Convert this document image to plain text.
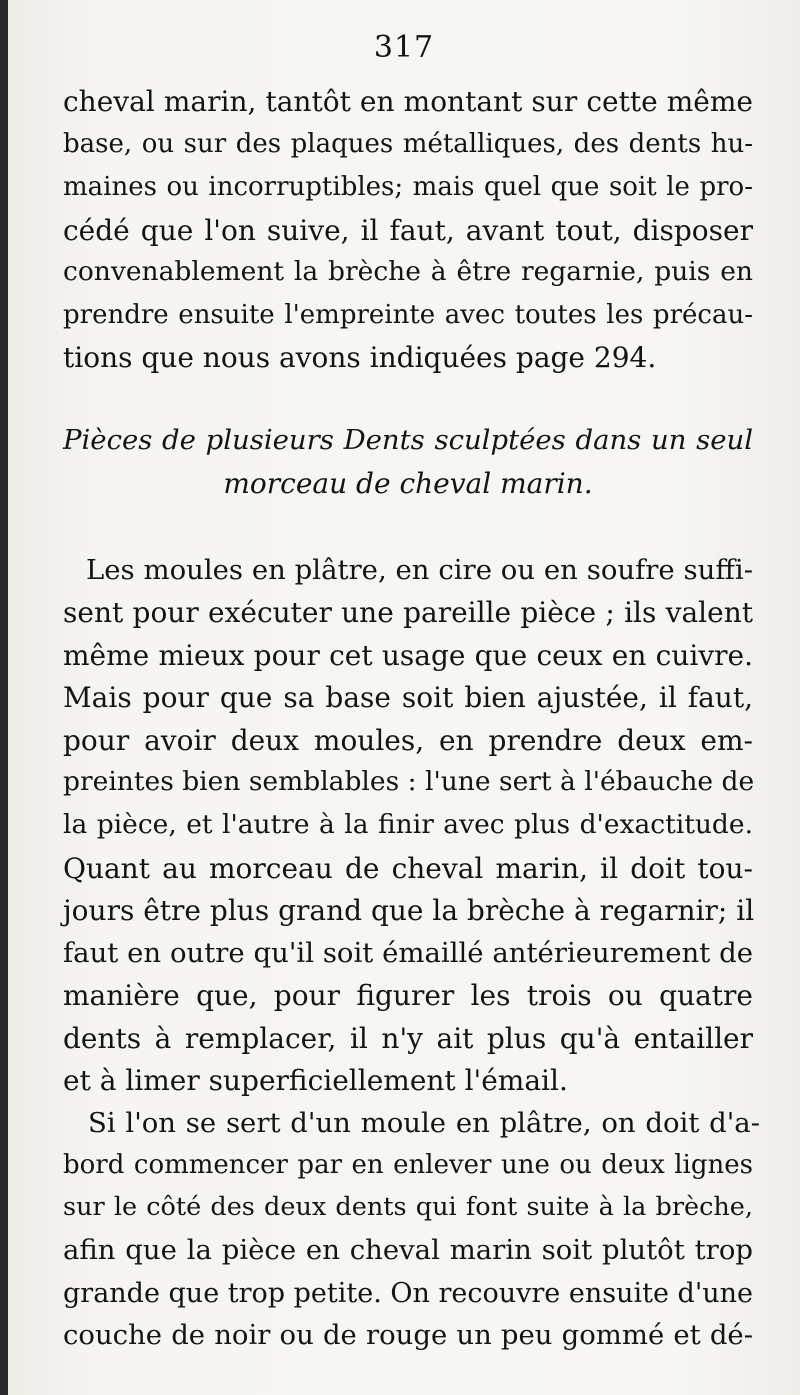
317

cheval marin, tantôt en montant sur cette même

base, ou sur des plaques métalliques, des dents hu-

maines ou incorruptibles; mais quel que soit le pro-

cédé que l'on suive, il faut, avant tout, disposer

convenablement la brèche à être regarnie, puis en

prendre ensuite l'empreinte avec toutes les précau-

tions que nous avons indiquées page 294.

Pièces de plusieurs Dents sculptées dans un seul
morceau de cheval marin.

Les moules en plâtre, en cire ou en soufre suffi-

sent pour exécuter une pareille pièce ; ils valent

même mieux pour cet usage que ceux en cuivre.

Mais pour que sa base soit bien ajustée, il faut,

pour avoir deux moules, en prendre deux em-

preintes bien semblables : l'une sert à l'ébauche de

la pièce, et l'autre à la finir avec plus d'exactitude.

Quant au morceau de cheval marin, il doit tou-

jours être plus grand que la brèche à regarnir; il

faut en outre qu'il soit émaillé antérieurement de

manière que, pour figurer les trois ou quatre

dents à remplacer, il n'y ait plus qu'à entailler

et à limer superficiellement l'émail.

Si l'on se sert d'un moule en plâtre, on doit d'a-

bord commencer par en enlever une ou deux lignes

sur le côté des deux dents qui font suite à la brèche,

afin que la pièce en cheval marin soit plutôt trop

grande que trop petite. On recouvre ensuite d'une

couche de noir ou de rouge un peu gommé et dé-
